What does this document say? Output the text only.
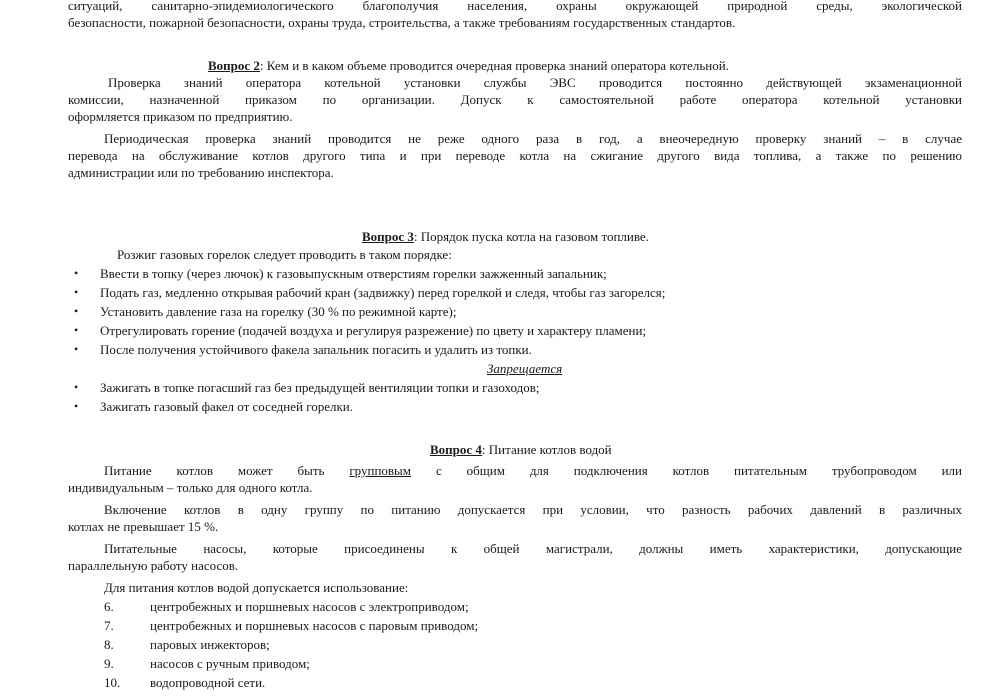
ситуаций, санитарно-эпидемиологического благополучия населения, охраны окружающей природной среды, экологической
безопасности, пожарной безопасности, охраны труда, строительства, а также требованиям государственных стандартов.
Вопрос 2: Кем и в каком объеме проводится очередная проверка знаний оператора котельной.
Проверка знаний оператора котельной установки службы ЭВС проводится постоянно действующей экзаменационной
комиссии, назначенной приказом по организации. Допуск к самостоятельной работе оператора котельной установки
оформляется приказом по предприятию.
Периодическая проверка знаний проводится не реже одного раза в год, а внеочередную проверку знаний – в случае
перевода на обслуживание котлов другого типа и при переводе котла на сжигание другого вида топлива, а также по решению
администрации или по требованию инспектора.
Вопрос 3: Порядок пуска котла на газовом топливе.
Розжиг газовых горелок следует проводить в таком порядке:
• Ввести в топку (через лючок) к газовыпускным отверстиям горелки зажженный запальник;
• Подать газ, медленно открывая рабочий кран (задвижку) перед горелкой и следя, чтобы газ загорелся;
• Установить давление газа на горелку (30 % по режимной карте);
• Отрегулировать горение (подачей воздуха и регулируя разрежение) по цвету и характеру пламени;
• После получения устойчивого факела запальник погасить и удалить из топки.
Запрещается
• Зажигать в топке погасший газ без предыдущей вентиляции топки и газоходов;
• Зажигать газовый факел от соседней горелки.
Вопрос 4: Питание котлов водой
Питание котлов может быть групповым с общим для подключения котлов питательным трубопроводом или
индивидуальным – только для одного котла.
Включение котлов в одну группу по питанию допускается при условии, что разность рабочих давлений в различных
котлах не превышает 15 %.
Питательные насосы, которые присоединены к общей магистрали, должны иметь характеристики, допускающие
параллельную работу насосов.
Для питания котлов водой допускается использование:
6.	центробежных и поршневых насосов с электроприводом;
7.	центробежных и поршневых насосов с паровым приводом;
8.	паровых инжекторов;
9.	насосов с ручным приводом;
10. водопроводной сети.
